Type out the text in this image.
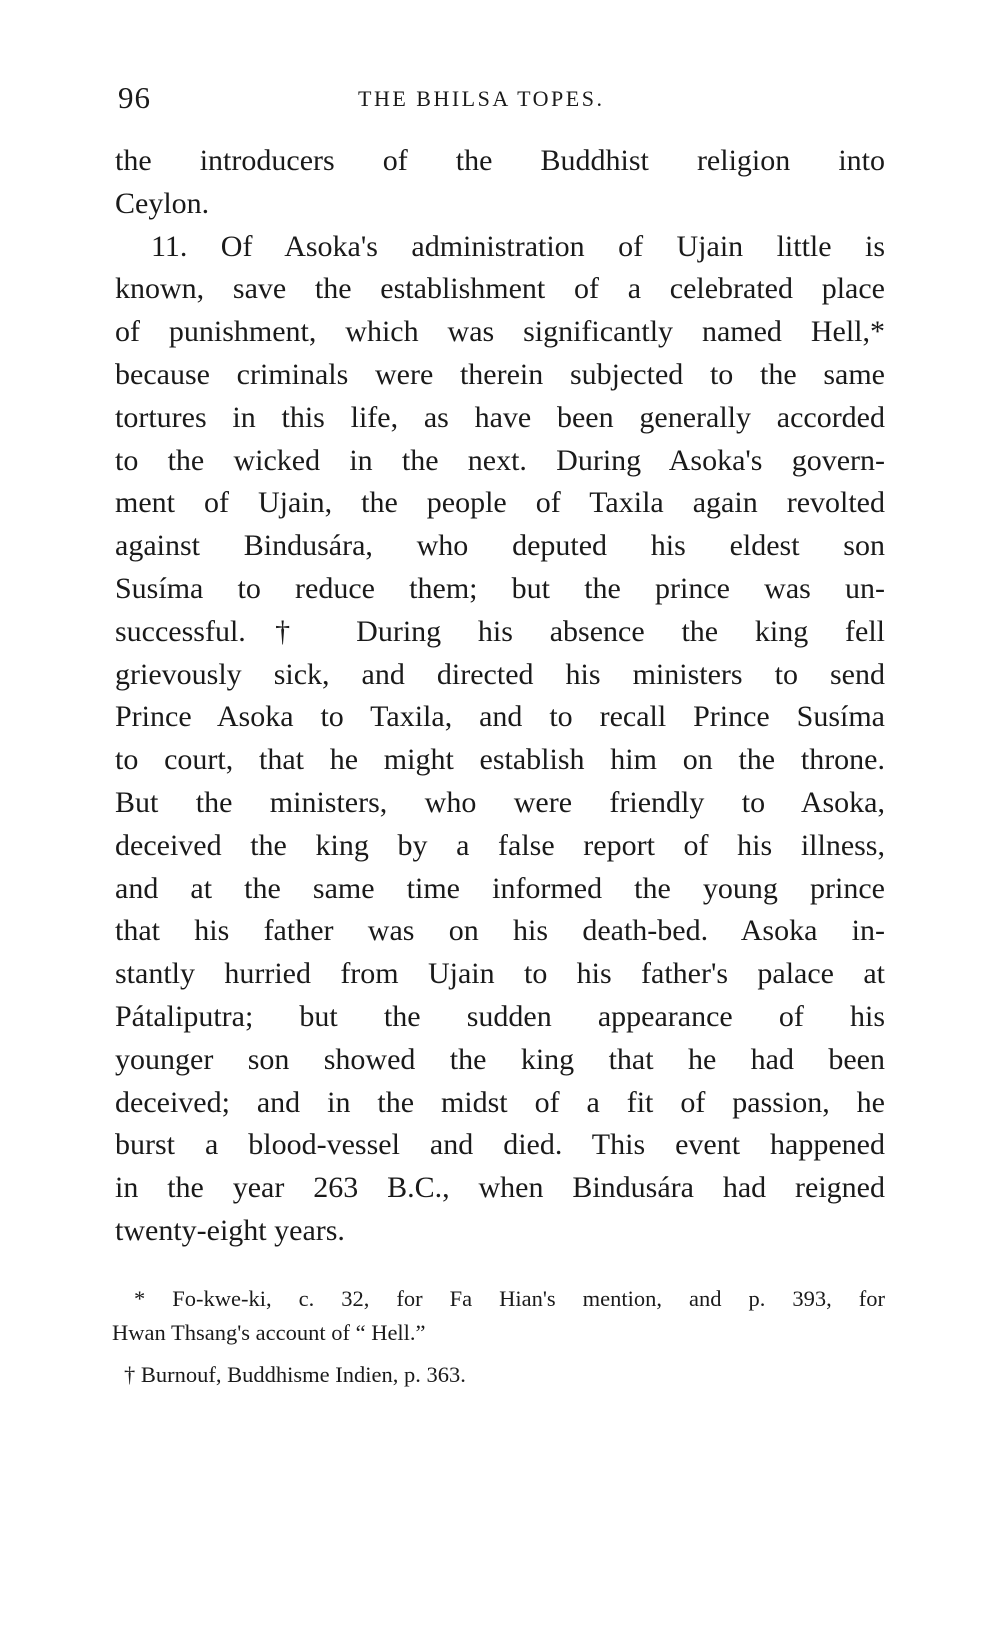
96	THE BHILSA TOPES.
the introducers of the Buddhist religion into
Ceylon.
11. Of Asoka's administration of Ujain little is
known, save the establishment of a celebrated place
of punishment, which was significantly named Hell,*
because criminals were therein subjected to the same
tortures in this life, as have been generally accorded
to the wicked in the next. During Asoka's govern-
ment of Ujain, the people of Taxila again revolted
against Bindusára, who deputed his eldest son
Susíma to reduce them; but the prince was un-
successful.† During his absence the king fell
grievously sick, and directed his ministers to send
Prince Asoka to Taxila, and to recall Prince Susíma
to court, that he might establish him on the throne.
But the ministers, who were friendly to Asoka,
deceived the king by a false report of his illness,
and at the same time informed the young prince
that his father was on his death-bed. Asoka in-
stantly hurried from Ujain to his father's palace at
Pátaliputra; but the sudden appearance of his
younger son showed the king that he had been
deceived; and in the midst of a fit of passion, he
burst a blood-vessel and died. This event happened
in the year 263 B.C., when Bindusára had reigned
twenty-eight years.
* Fo-kwe-ki, c. 32, for Fa Hian's mention, and p. 393, for
Hwan Thsang's account of “ Hell.”
† Burnouf, Buddhisme Indien, p. 363.
